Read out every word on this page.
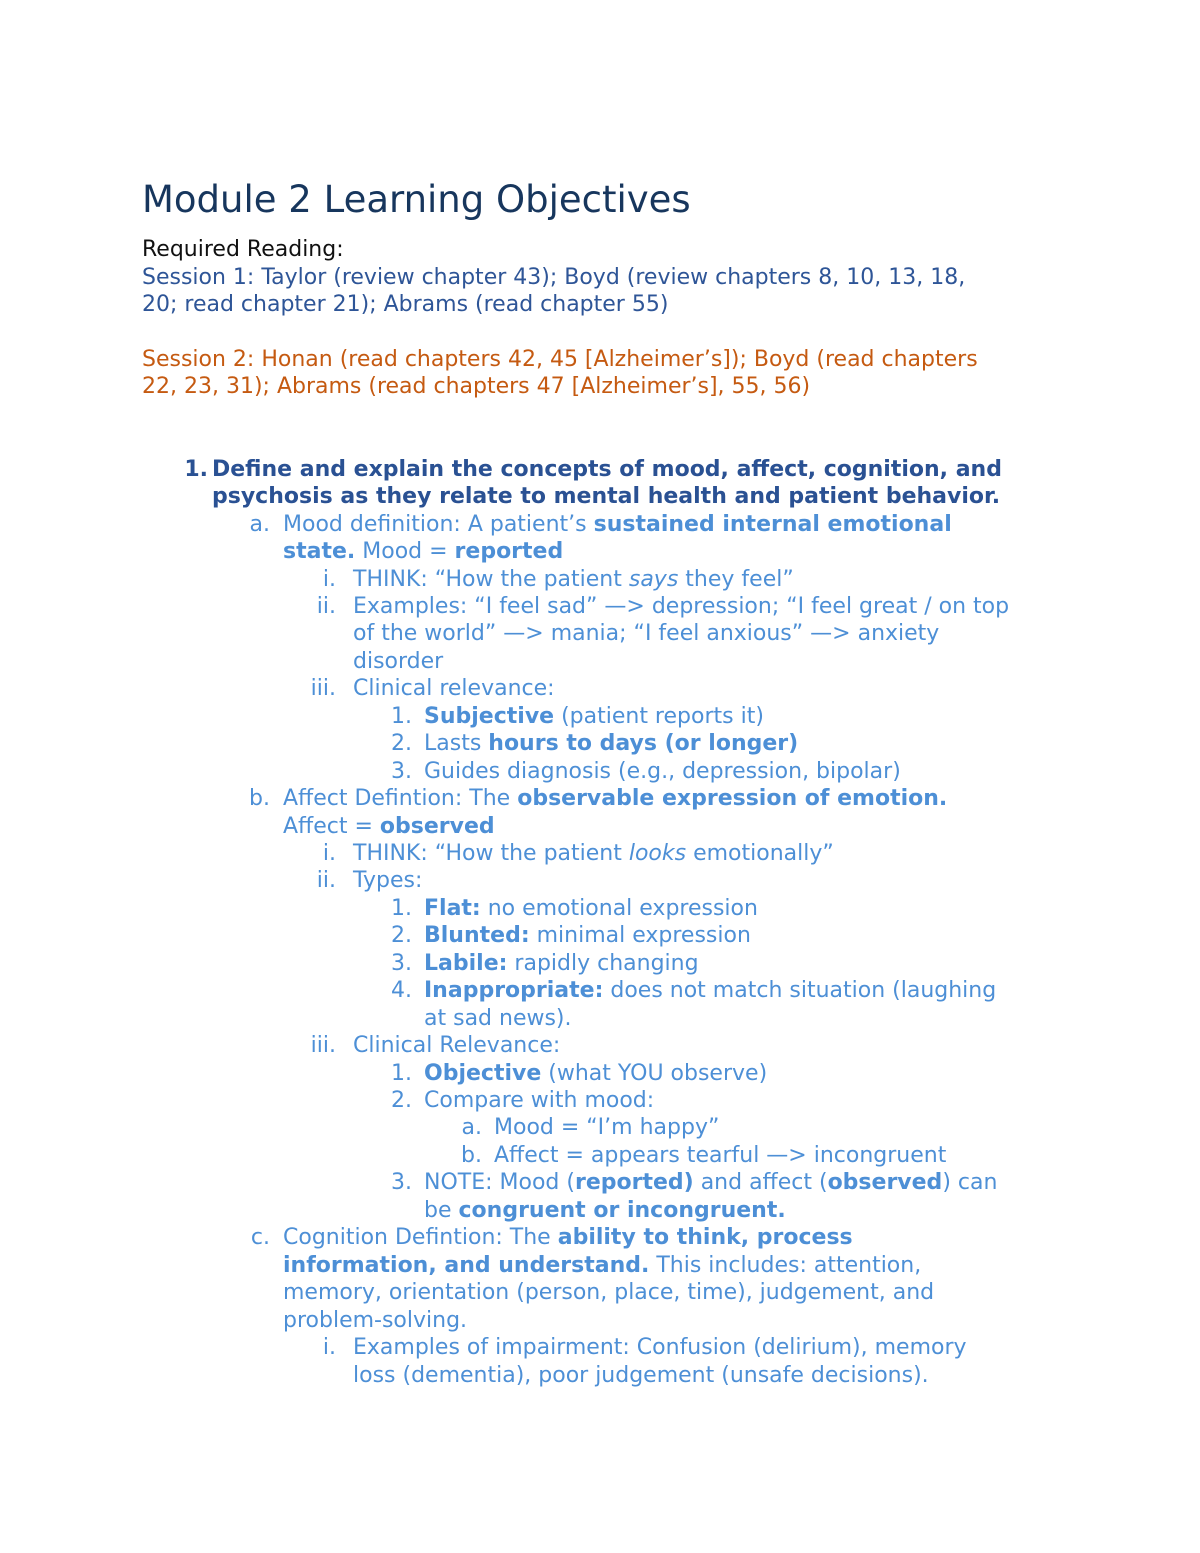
Module 2 Learning Objectives
Required Reading:
Session 1: Taylor (review chapter 43); Boyd (review chapters 8, 10, 13, 18,
20; read chapter 21); Abrams (read chapter 55)
Session 2: Honan (read chapters 42, 45 [Alzheimer’s]); Boyd (read chapters
22, 23, 31); Abrams (read chapters 47 [Alzheimer’s], 55, 56)
1. Define and explain the concepts of mood, affect, cognition, and
psychosis as they relate to mental health and patient behavior.
a. Mood definition: A patient’s sustained internal emotional
state. Mood = reported
i. THINK: “How the patient says they feel”
ii. Examples: “I feel sad” —> depression; “I feel great / on top
of the world” —> mania; “I feel anxious” —> anxiety
disorder
iii. Clinical relevance:
1. Subjective (patient reports it)
2. Lasts hours to days (or longer)
3. Guides diagnosis (e.g., depression, bipolar)
b. Affect Defintion: The observable expression of emotion.
Affect = observed
i. THINK: “How the patient looks emotionally”
ii. Types:
1. Flat: no emotional expression
2. Blunted: minimal expression
3. Labile: rapidly changing
4. Inappropriate: does not match situation (laughing
at sad news).
iii. Clinical Relevance:
1. Objective (what YOU observe)
2. Compare with mood:
a. Mood = “I’m happy”
b. Affect = appears tearful —> incongruent
3. NOTE: Mood (reported) and affect (observed) can
be congruent or incongruent.
c. Cognition Defintion: The ability to think, process
information, and understand. This includes: attention,
memory, orientation (person, place, time), judgement, and
problem-solving.
i. Examples of impairment: Confusion (delirium), memory
loss (dementia), poor judgement (unsafe decisions).
